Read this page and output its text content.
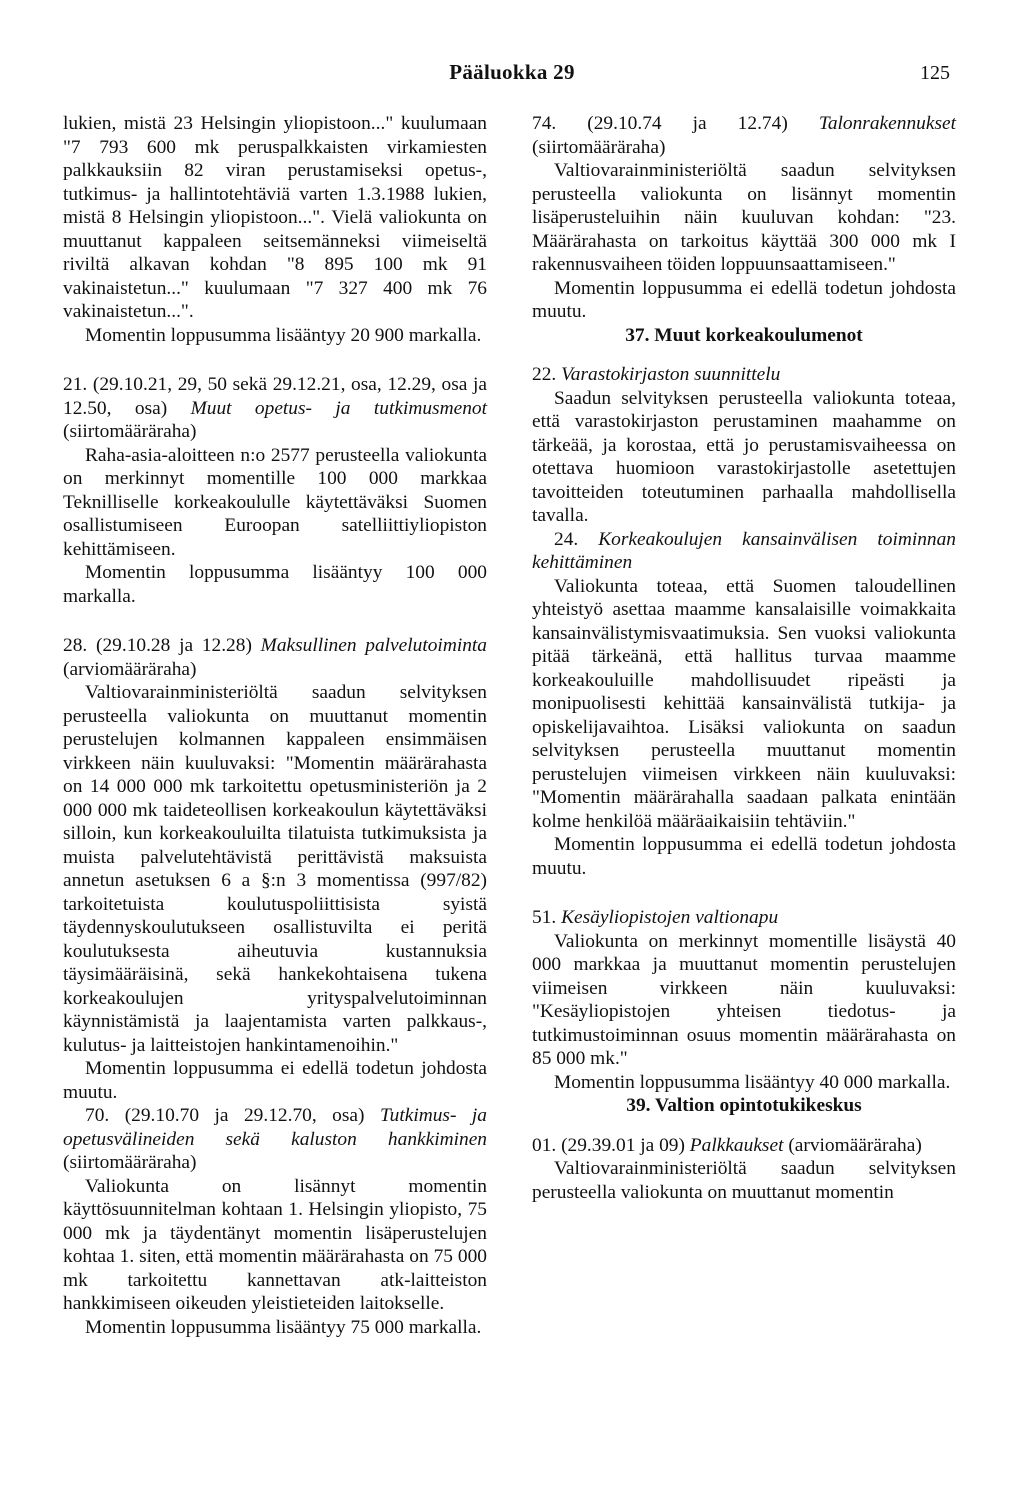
Pääluokka 29	125

lukien, mistä 23 Helsingin yliopistoon..." kuulumaan "7 793 600 mk peruspalkkaisten virkamiesten palkkauksiin 82 viran perustamiseksi opetus-, tutkimus- ja hallintotehtäviä varten 1.3.1988 lukien, mistä 8 Helsingin yliopistoon...". Vielä valiokunta on muuttanut kappaleen seitsemänneksi viimeiseltä riviltä alkavan kohdan "8 895 100 mk 91 vakinaistetun..." kuulumaan "7 327 400 mk 76 vakinaistetun...".

Momentin loppusumma lisääntyy 20 900 markalla.

21. (29.10.21, 29, 50 sekä 29.12.21, osa, 12.29, osa ja 12.50, osa) Muut opetus- ja tutkimusmenot (siirtomääräraha)

Raha-asia-aloitteen n:o 2577 perusteella valiokunta on merkinnyt momentille 100 000 markkaa Teknilliselle korkeakoululle käytettäväksi Suomen osallistumiseen Euroopan satelliittiyliopiston kehittämiseen.

Momentin loppusumma lisääntyy 100 000 markalla.

28. (29.10.28 ja 12.28) Maksullinen palvelutoiminta (arviomääräraha)

Valtiovarainministeriöltä saadun selvityksen perusteella valiokunta on muuttanut momentin perustelujen kolmannen kappaleen ensimmäisen virkkeen näin kuuluvaksi: "Momentin määrärahasta on 14 000 000 mk tarkoitettu opetusministeriön ja 2 000 000 mk taideteollisen korkeakoulun käytettäväksi silloin, kun korkeakouluilta tilatuista tutkimuksista ja muista palvelutehtävistä perittävistä maksuista annetun asetuksen 6 a §:n 3 momentissa (997/82) tarkoitetuista koulutuspoliittisista syistä täydennyskoulutukseen osallistuvilta ei peritä koulutuksesta aiheutuvia kustannuksia täysimääräisinä, sekä hankekohtaisena tukena korkeakoulujen yrityspalvelutoiminnan käynnistämistä ja laajentamista varten palkkaus-, kulutus- ja laitteistojen hankintamenoihin."

Momentin loppusumma ei edellä todetun johdosta muutu.

70. (29.10.70 ja 29.12.70, osa) Tutkimus- ja opetusvälineiden sekä kaluston hankkiminen (siirtomääräraha)

Valiokunta on lisännyt momentin käyttösuunnitelman kohtaan 1. Helsingin yliopisto, 75 000 mk ja täydentänyt momentin lisäperustelujen kohtaa 1. siten, että momentin määrärahasta on 75 000 mk tarkoitettu kannettavan atk-laitteiston hankkimiseen oikeuden yleistieteiden laitokselle.

Momentin loppusumma lisääntyy 75 000 markalla.

74. (29.10.74 ja 12.74) Talonrakennukset (siirtomääräraha)

Valtiovarainministeriöltä saadun selvityksen perusteella valiokunta on lisännyt momentin lisäperusteluihin näin kuuluvan kohdan: "23. Määrärahasta on tarkoitus käyttää 300 000 mk I rakennusvaiheen töiden loppuunsaattamiseen."

Momentin loppusumma ei edellä todetun johdosta muutu.

37. Muut korkeakoulumenot

22. Varastokirjaston suunnittelu

Saadun selvityksen perusteella valiokunta toteaa, että varastokirjaston perustaminen maahamme on tärkeää, ja korostaa, että jo perustamisvaiheessa on otettava huomioon varastokirjastolle asetettujen tavoitteiden toteutuminen parhaalla mahdollisella tavalla.

24. Korkeakoulujen kansainvälisen toiminnan kehittäminen

Valiokunta toteaa, että Suomen taloudellinen yhteistyö asettaa maamme kansalaisille voimakkaita kansainvälistymisvaatimuksia. Sen vuoksi valiokunta pitää tärkeänä, että hallitus turvaa maamme korkeakouluille mahdollisuudet ripeästi ja monipuolisesti kehittää kansainvälistä tutkija- ja opiskelijavaihtoa. Lisäksi valiokunta on saadun selvityksen perusteella muuttanut momentin perustelujen viimeisen virkkeen näin kuuluvaksi: "Momentin määrärahalla saadaan palkata enintään kolme henkilöä määräaikaisiin tehtäviin."

Momentin loppusumma ei edellä todetun johdosta muutu.

51. Kesäyliopistojen valtionapu

Valiokunta on merkinnyt momentille lisäystä 40 000 markkaa ja muuttanut momentin perustelujen viimeisen virkkeen näin kuuluvaksi: "Kesäyliopistojen yhteisen tiedotus- ja tutkimustoiminnan osuus momentin määrärahasta on 85 000 mk."

Momentin loppusumma lisääntyy 40 000 markalla.

39. Valtion opintotukikeskus

01. (29.39.01 ja 09) Palkkaukset (arviomääräraha)

Valtiovarainministeriöltä saadun selvityksen perusteella valiokunta on muuttanut momentin
